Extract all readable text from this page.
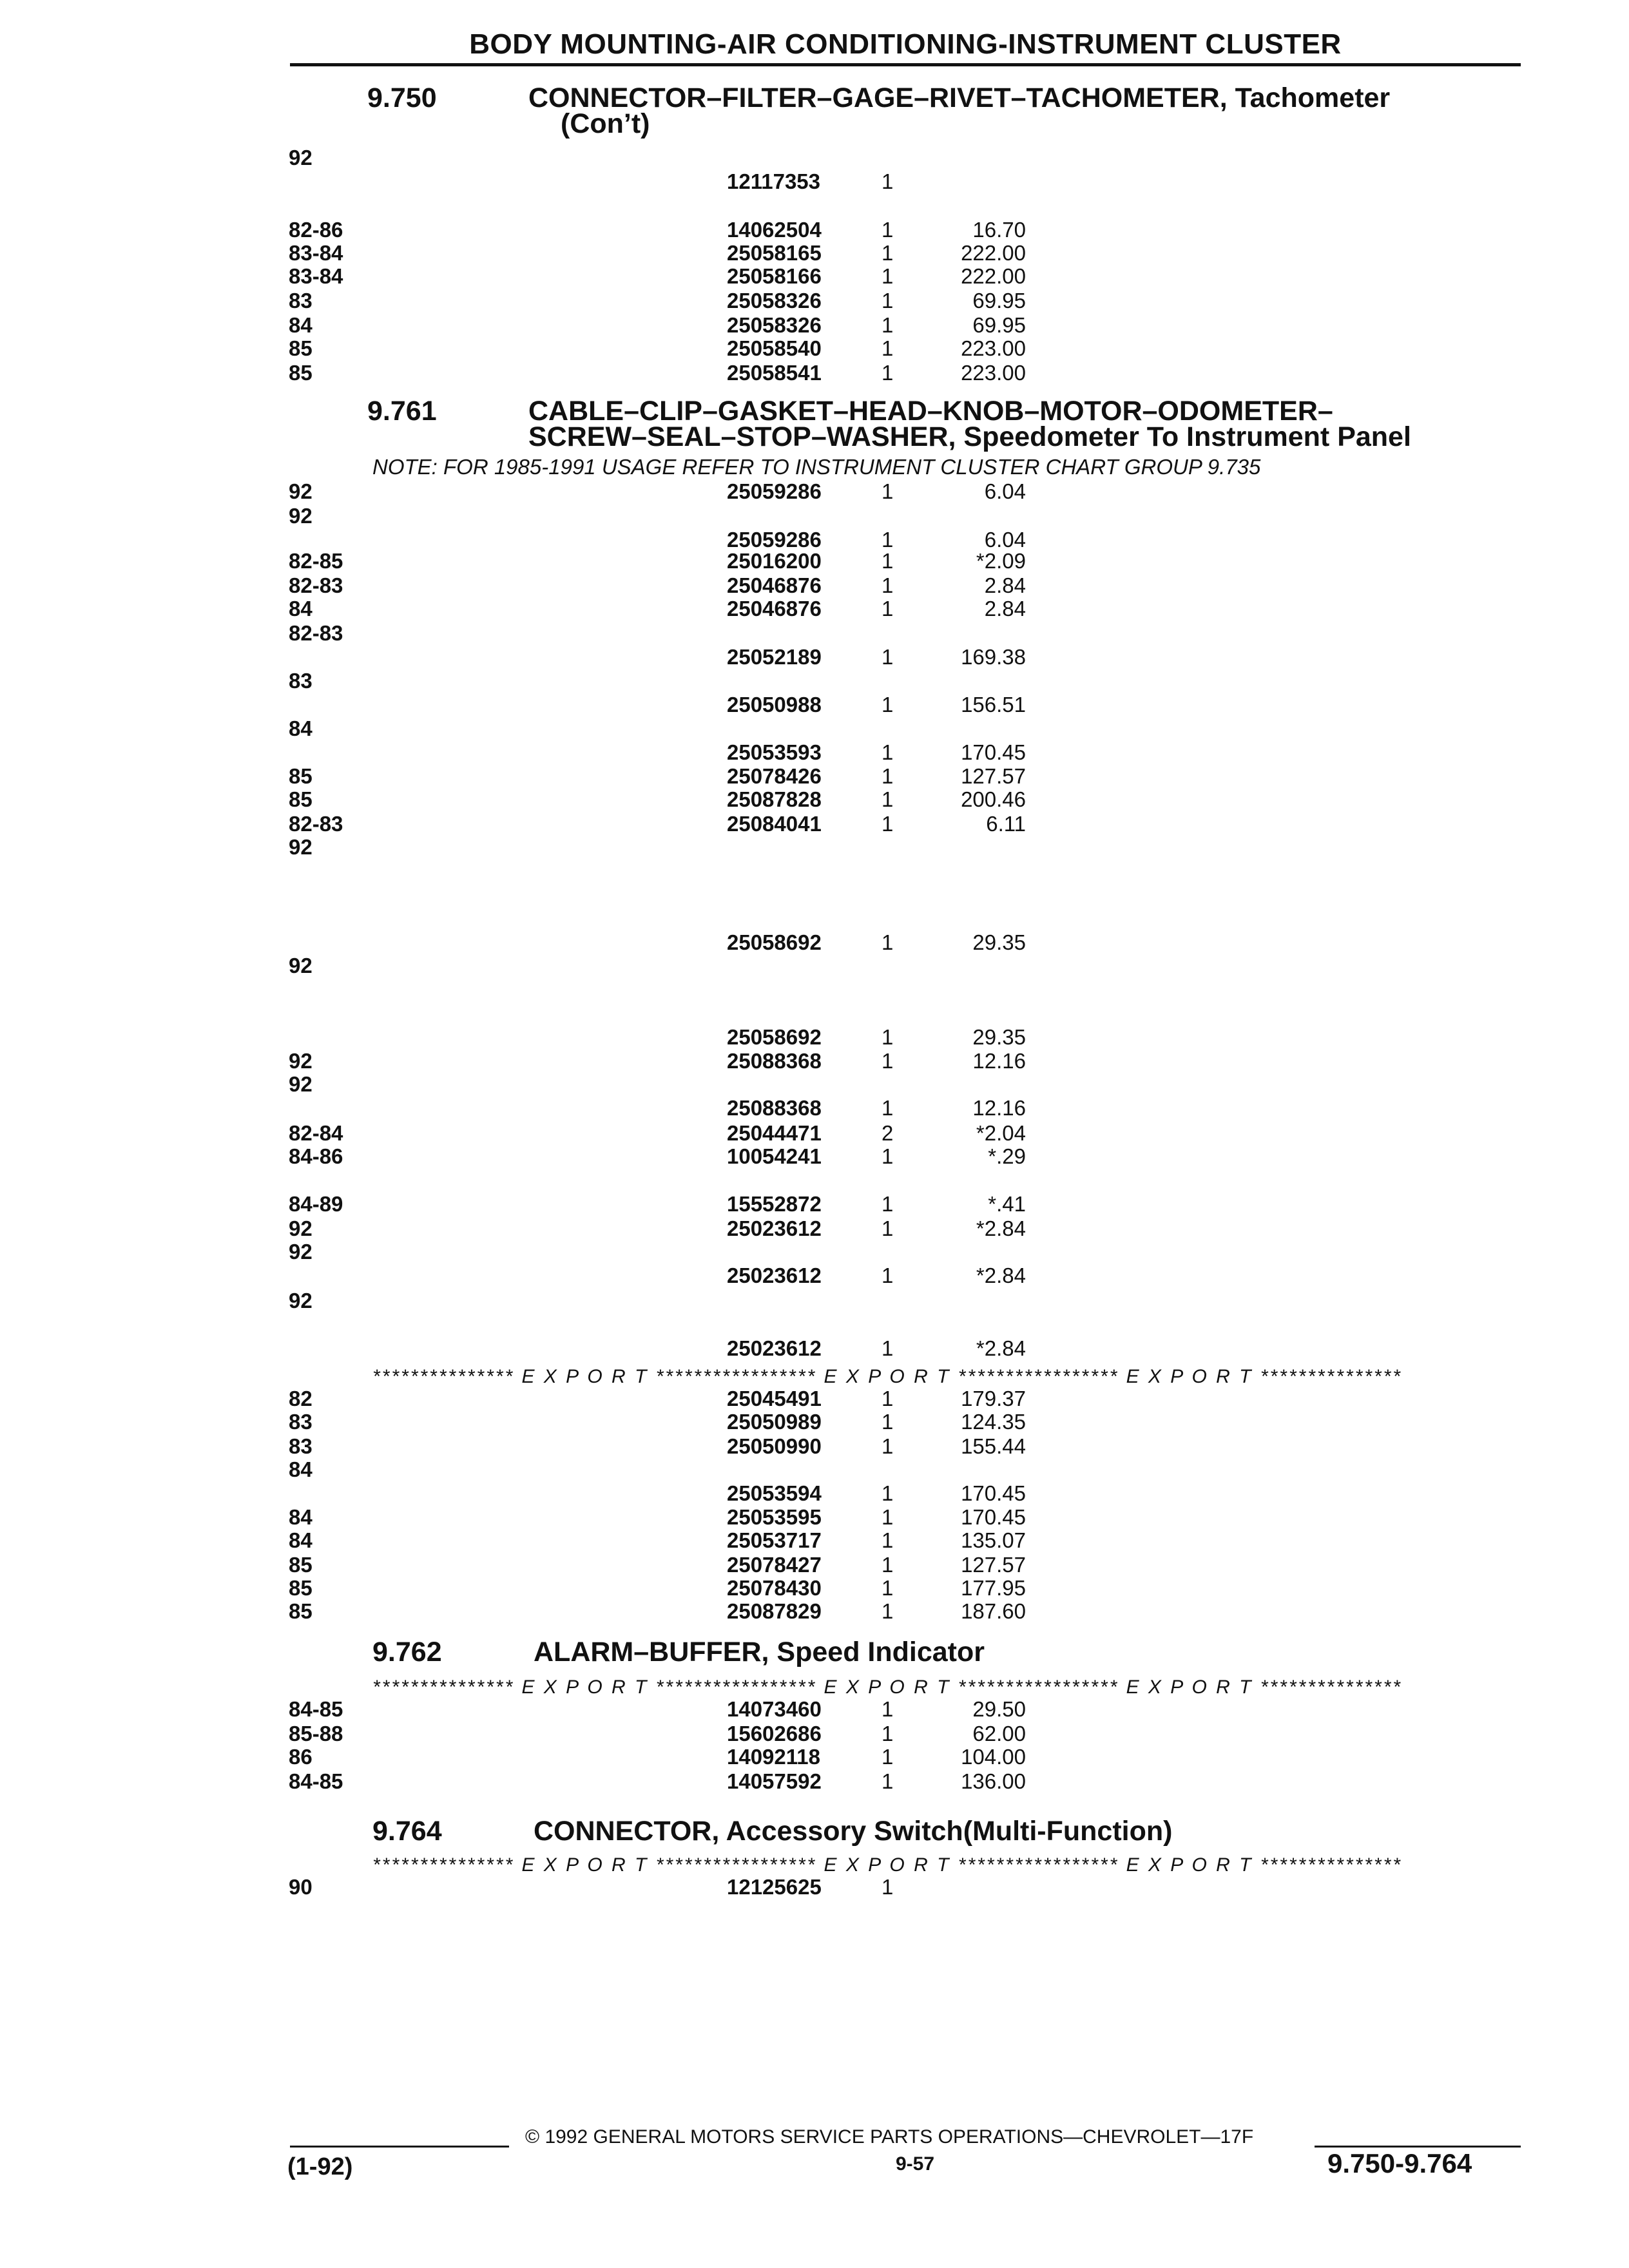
BODY MOUNTING-AIR CONDITIONING-INSTRUMENT CLUSTER
9.750	CONNECTOR–FILTER–GAGE–RIVET–TACHOMETER, Tachometer
(Con’t)
9.761	CABLE–CLIP–GASKET–HEAD–KNOB–MOTOR–ODOMETER–
SCREW–SEAL–STOP–WASHER, Speedometer To Instrument Panel
NOTE: FOR 1985-1991 USAGE REFER TO INSTRUMENT CLUSTER CHART GROUP 9.735
9.762	ALARM–BUFFER, Speed Indicator
9.764	CONNECTOR, Accessory Switch(Multi-Function)
*************** E X P O R T ***************** E X P O R T ***************** E X P O R T ***************
*************** E X P O R T ***************** E X P O R T ***************** E X P O R T ***************
*************** E X P O R T ***************** E X P O R T ***************** E X P O R T ***************
92
12117353	1
82-86	14062504	1	16.70
83-84	25058165	1	222.00
83-84	25058166	1	222.00
83	25058326	1	69.95
84	25058326	1	69.95
85	25058540	1	223.00
85	25058541	1	223.00
92	25059286	1	6.04
92
25059286	1	6.04
82-85	25016200	1	*2.09
82-83	25046876	1	2.84
84	25046876	1	2.84
82-83
25052189	1	169.38
83
25050988	1	156.51
84
25053593	1	170.45
85	25078426	1	127.57
85	25087828	1	200.46
82-83	25084041	1	6.11
92
25058692	1	29.35
92
25058692	1	29.35
92	25088368	1	12.16
92
25088368	1	12.16
82-84	25044471	2	*2.04
84-86	10054241	1	*.29
84-89	15552872	1	*.41
92	25023612	1	*2.84
92
25023612	1	*2.84
92
25023612	1	*2.84
82	25045491	1	179.37
83	25050989	1	124.35
83	25050990	1	155.44
84
25053594	1	170.45
84	25053595	1	170.45
84	25053717	1	135.07
85	25078427	1	127.57
85	25078430	1	177.95
85	25087829	1	187.60
84-85	14073460	1	29.50
85-88	15602686	1	62.00
86	14092118	1	104.00
84-85	14057592	1	136.00
90	12125625	1
© 1992 GENERAL MOTORS SERVICE PARTS OPERATIONS—CHEVROLET—17F
(1-92)	9-57	9.750-9.764
